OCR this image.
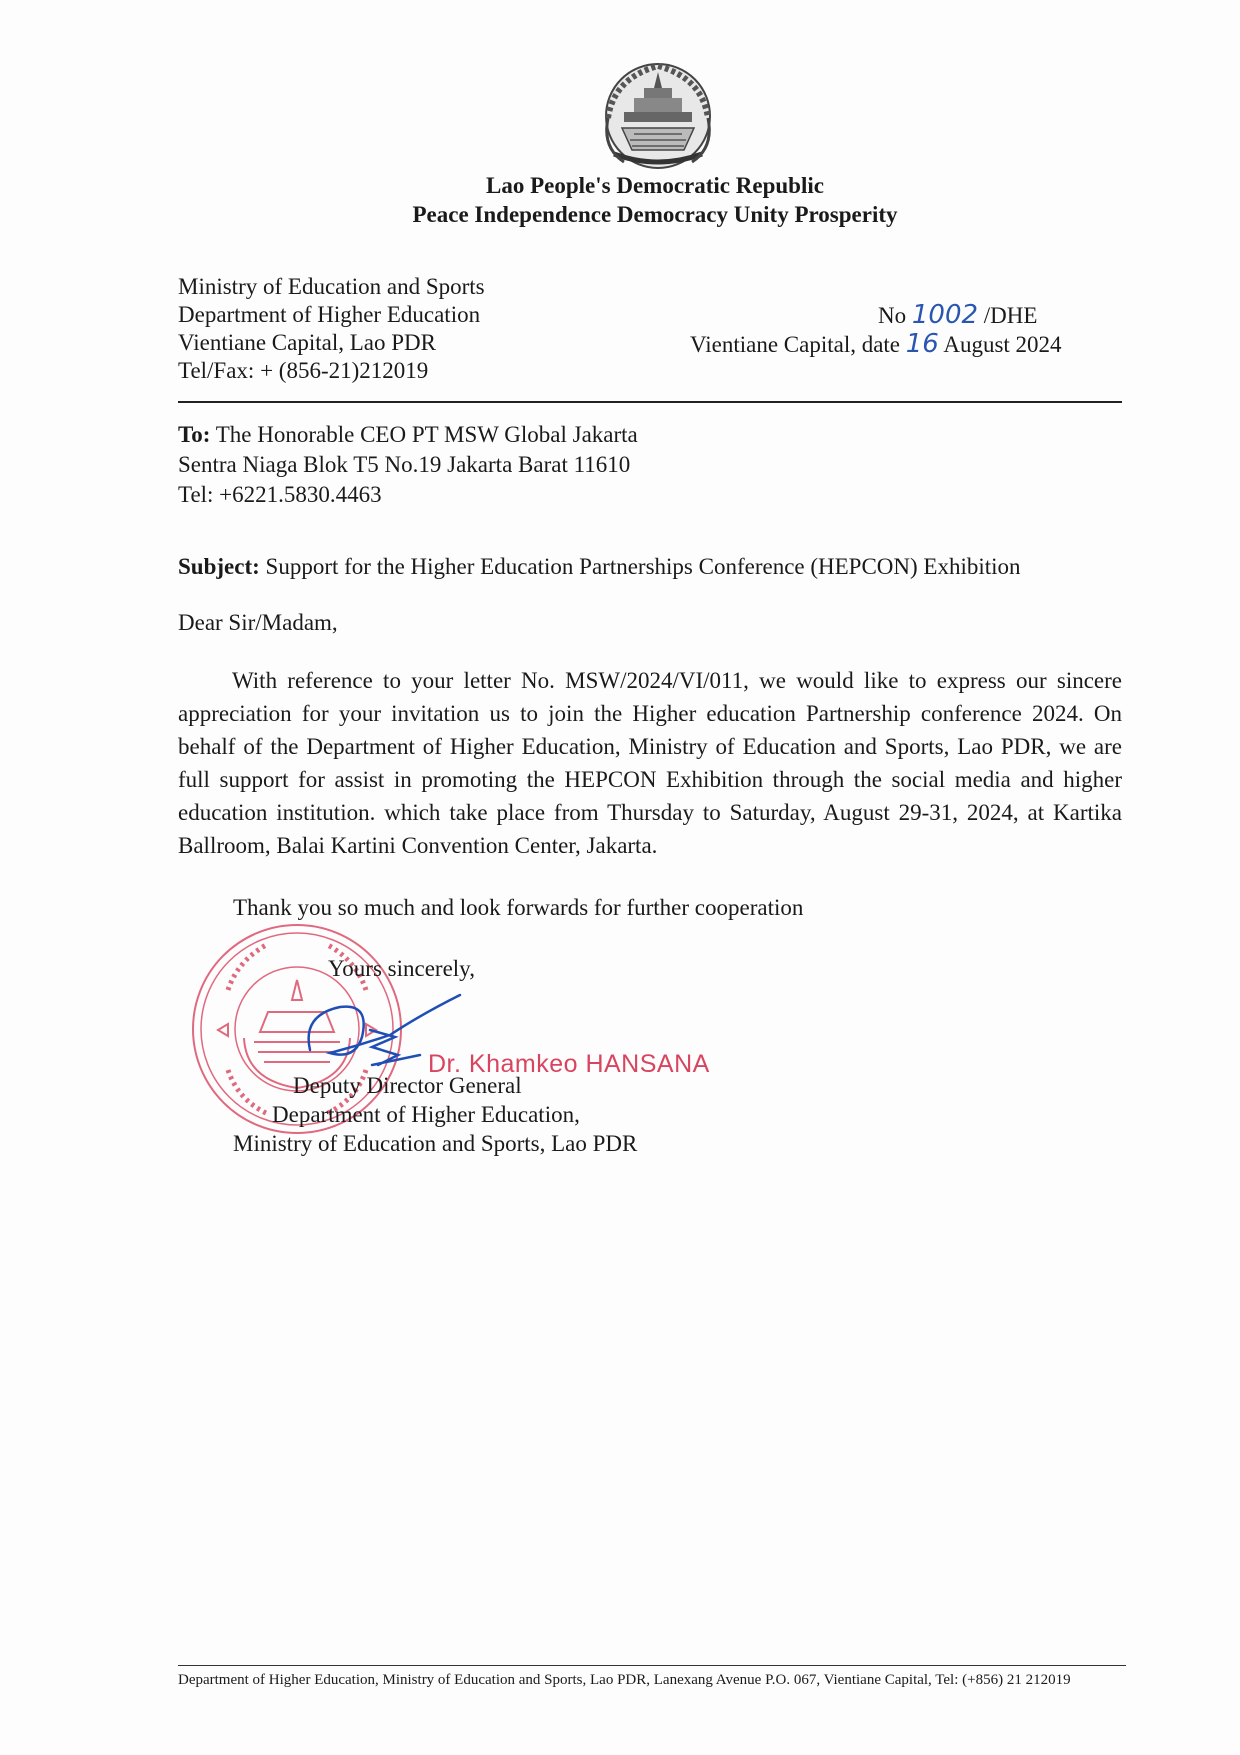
Lao People's Democratic Republic
Peace Independence Democracy Unity Prosperity
Ministry of Education and Sports
Department of Higher Education
Vientiane Capital, Lao PDR
Tel/Fax: + (856-21)212019
No 1002 /DHE
Vientiane Capital, date 16 August 2024
To: The Honorable CEO PT MSW Global Jakarta
Sentra Niaga Blok T5 No.19 Jakarta Barat 11610
Tel: +6221.5830.4463
Subject: Support for the Higher Education Partnerships Conference (HEPCON) Exhibition
Dear Sir/Madam,

With reference to your letter No. MSW/2024/VI/011, we would like to express our sincere appreciation for your invitation us to join the Higher education Partnership conference 2024. On behalf of the Department of Higher Education, Ministry of Education and Sports, Lao PDR, we are full support for assist in promoting the HEPCON Exhibition through the social media and higher education institution. which take place from Thursday to Saturday, August 29-31, 2024, at Kartika Ballroom, Balai Kartini Convention Center, Jakarta.

Thank you so much and look forwards for further cooperation
Yours sincerely,
Dr. Khamkeo HANSANA
Deputy Director General
Department of Higher Education,
Ministry of Education and Sports, Lao PDR
Department of Higher Education, Ministry of Education and Sports, Lao PDR, Lanexang Avenue P.O. 067, Vientiane Capital, Tel: (+856) 21 212019
